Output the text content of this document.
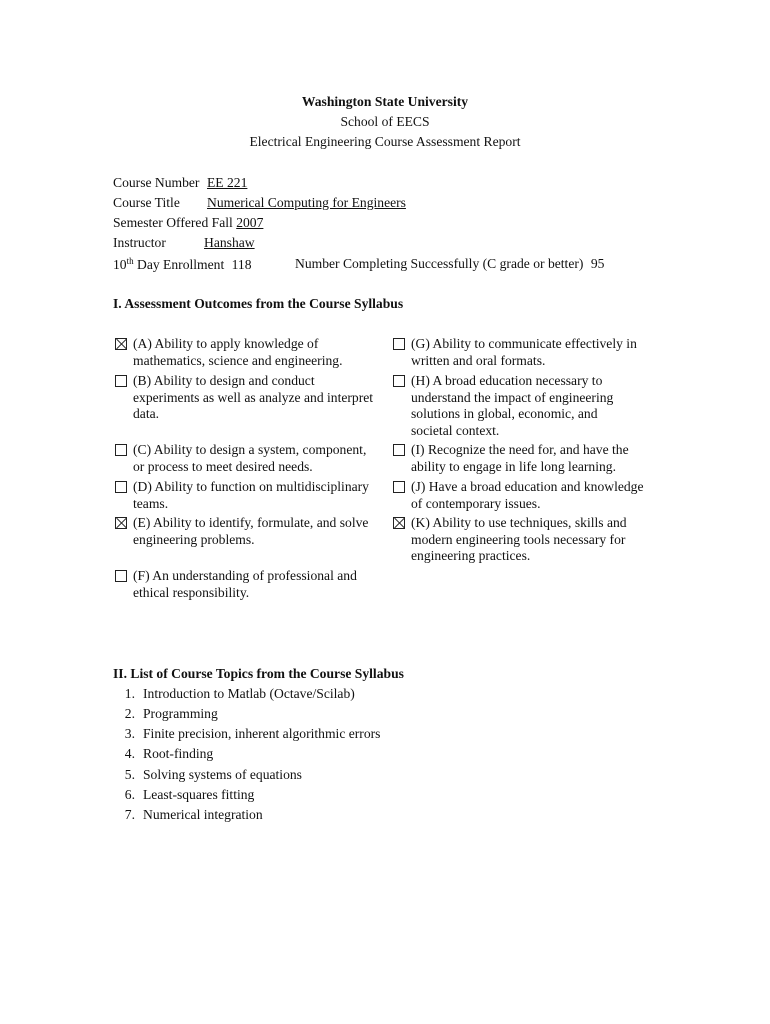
Washington State University
School of EECS
Electrical Engineering Course Assessment Report
Course Number EE 221
Course Title Numerical Computing for Engineers
Semester Offered Fall 2007
Instructor	Hanshaw
10th Day Enrollment 118	Number Completing Successfully (C grade or better) 95
I. Assessment Outcomes from the Course Syllabus
(A) Ability to apply knowledge of mathematics, science and engineering.
(B) Ability to design and conduct experiments as well as analyze and interpret data.
(C) Ability to design a system, component, or process to meet desired needs.
(D) Ability to function on multidisciplinary teams.
(E) Ability to identify, formulate, and solve engineering problems.
(F) An understanding of professional and ethical responsibility.
(G) Ability to communicate effectively in written and oral formats.
(H) A broad education necessary to understand the impact of engineering solutions in global, economic, and societal context.
(I) Recognize the need for, and have the ability to engage in life long learning.
(J) Have a broad education and knowledge of contemporary issues.
(K) Ability to use techniques, skills and modern engineering tools necessary for engineering practices.
II. List of Course Topics from the Course Syllabus
1. Introduction to Matlab (Octave/Scilab)
2. Programming
3. Finite precision, inherent algorithmic errors
4. Root-finding
5. Solving systems of equations
6. Least-squares fitting
7. Numerical integration
